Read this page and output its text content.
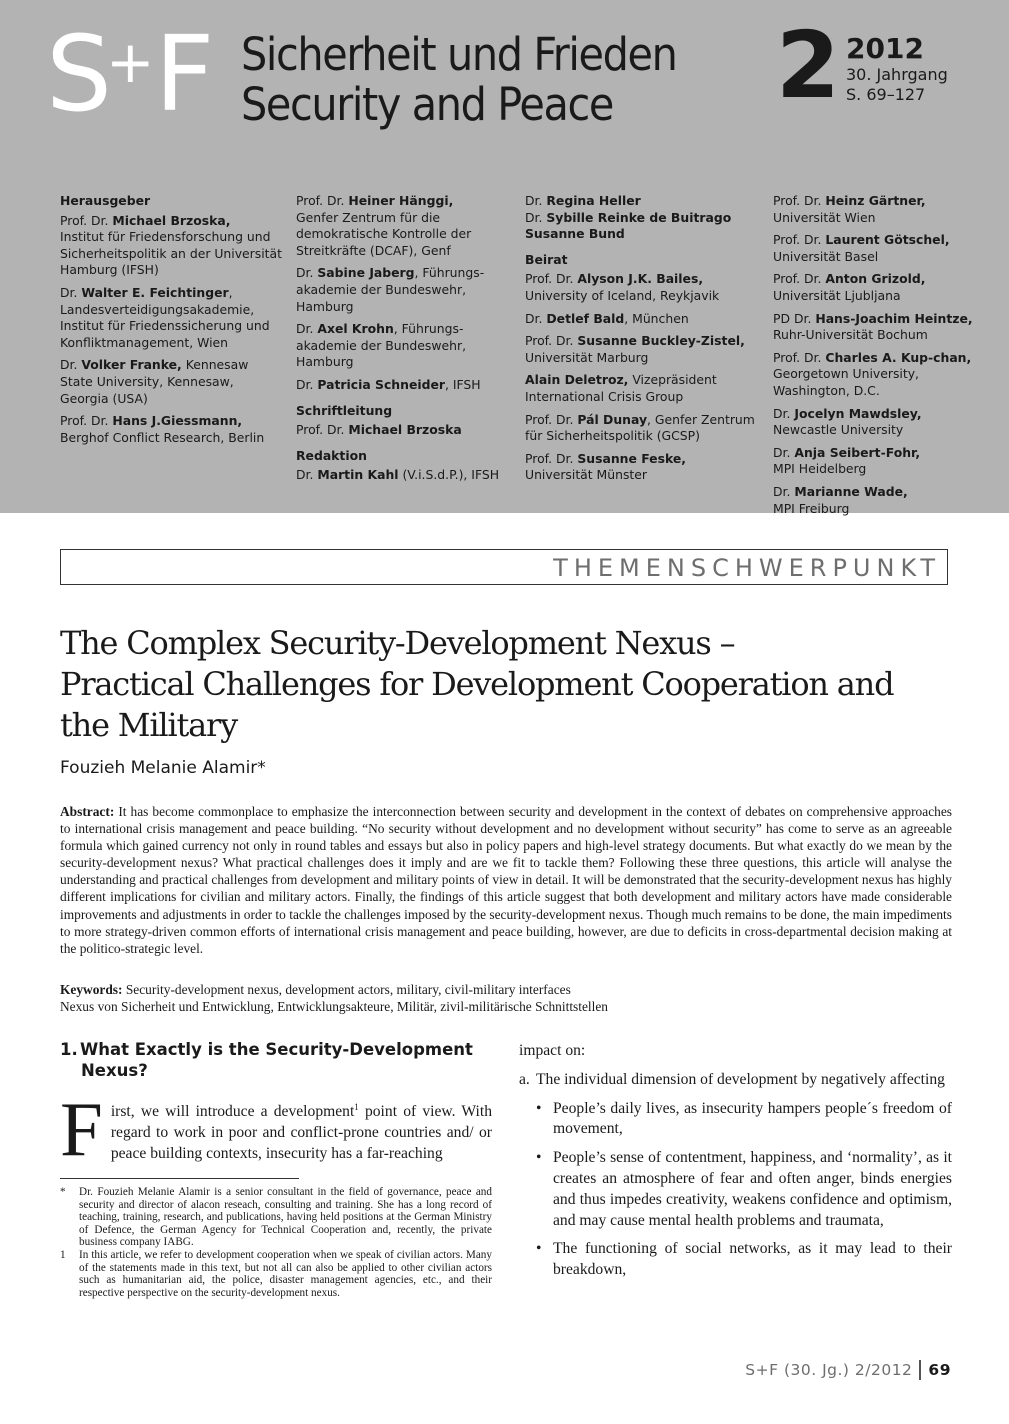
S+F Sicherheit und Frieden
Security and Peace	2 2012
30. Jahrgang
S. 69–127
Herausgeber
Prof. Dr. Michael Brzoska,
Institut für Friedensforschung und Sicherheitspolitik an der Universität Hamburg (IFSH)
Dr. Walter E. Feichtinger, Landesverteidigungsakademie, Institut für Friedenssicherung und Konfliktmanagement, Wien
Dr. Volker Franke, Kennesaw State University, Kennesaw, Georgia (USA)
Prof. Dr. Hans J.Giessmann,
Berghof Conflict Research, Berlin
Prof. Dr. Heiner Hänggi,
Genfer Zentrum für die demokratische Kontrolle der Streitkräfte (DCAF), Genf
Dr. Sabine Jaberg, Führungs-akademie der Bundeswehr, Hamburg
Dr. Axel Krohn, Führungs-akademie der Bundeswehr, Hamburg
Dr. Patricia Schneider, IFSH
Schriftleitung
Prof. Dr. Michael Brzoska
Redaktion
Dr. Martin Kahl (V.i.S.d.P.), IFSH
Dr. Regina Heller
Dr. Sybille Reinke de Buitrago
Susanne Bund
Beirat
Prof. Dr. Alyson J.K. Bailes,
University of Iceland, Reykjavik
Dr. Detlef Bald, München
Prof. Dr. Susanne Buckley-Zistel, Universität Marburg
Alain Deletroz, Vizepräsident International Crisis Group
Prof. Dr. Pál Dunay, Genfer Zentrum für Sicherheitspolitik (GCSP)
Prof. Dr. Susanne Feske,
Universität Münster
Prof. Dr. Heinz Gärtner,
Universität Wien
Prof. Dr. Laurent Götschel,
Universität Basel
Prof. Dr. Anton Grizold,
Universität Ljubljana
PD Dr. Hans-Joachim Heintze,
Ruhr-Universität Bochum
Prof. Dr. Charles A. Kup-chan, Georgetown University, Washington, D.C.
Dr. Jocelyn Mawdsley,
Newcastle University
Dr. Anja Seibert-Fohr,
MPI Heidelberg
Dr. Marianne Wade,
MPI Freiburg
THEMENSCHWERPUNKT
The Complex Security-Development Nexus –
Practical Challenges for Development Cooperation and
the Military
Fouzieh Melanie Alamir*
Abstract: It has become commonplace to emphasize the interconnection between security and development in the context of debates on comprehensive approaches to international crisis management and peace building. “No security without development and no development without security” has come to serve as an agreeable formula which gained currency not only in round tables and essays but also in policy papers and high-level strategy documents. But what exactly do we mean by the security-development nexus? What practical challenges does it imply and are we fit to tackle them? Following these three questions, this article will analyse the understanding and practical challenges from development and military points of view in detail. It will be demonstrated that the security-development nexus has highly different implications for civilian and military actors. Finally, the findings of this article suggest that both development and military actors have made considerable improvements and adjustments in order to tackle the challenges imposed by the security-development nexus. Though much remains to be done, the main impediments to more strategy-driven common efforts of international crisis management and peace building, however, are due to deficits in cross-departmental decision making at the politico-strategic level.
Keywords: Security-development nexus, development actors, military, civil-military interfaces
Nexus von Sicherheit und Entwicklung, Entwicklungsakteure, Militär, zivil-militärische Schnittstellen
1. What Exactly is the Security-Development
Nexus?
First, we will introduce a development$^1$ point of view. With regard to work in poor and conflict-prone countries and/ or peace building contexts, insecurity has a far-reaching
*	Dr. Fouzieh Melanie Alamir is a senior consultant in the field of governance, peace and security and director of alacon reseach, consulting and training. She has a long record of teaching, training, research, and publications, having held positions at the German Ministry of Defence, the German Agency for Technical Cooperation and, recently, the private business company IABG.
1	In this article, we refer to development cooperation when we speak of civilian actors. Many of the statements made in this text, but not all can also be applied to other civilian actors such as humanitarian aid, the police, disaster management agencies, etc., and their respective perspective on the security-development nexus.
impact on:
a. The individual dimension of development by negatively affecting
• People’s daily lives, as insecurity hampers people´s freedom of movement,
• People’s sense of contentment, happiness, and ‘normality’, as it creates an atmosphere of fear and often anger, binds energies and thus impedes creativity, weakens confidence and optimism, and may cause mental health problems and traumata,
• The functioning of social networks, as it may lead to their breakdown,
S+F (30. Jg.) 2/2012 69
